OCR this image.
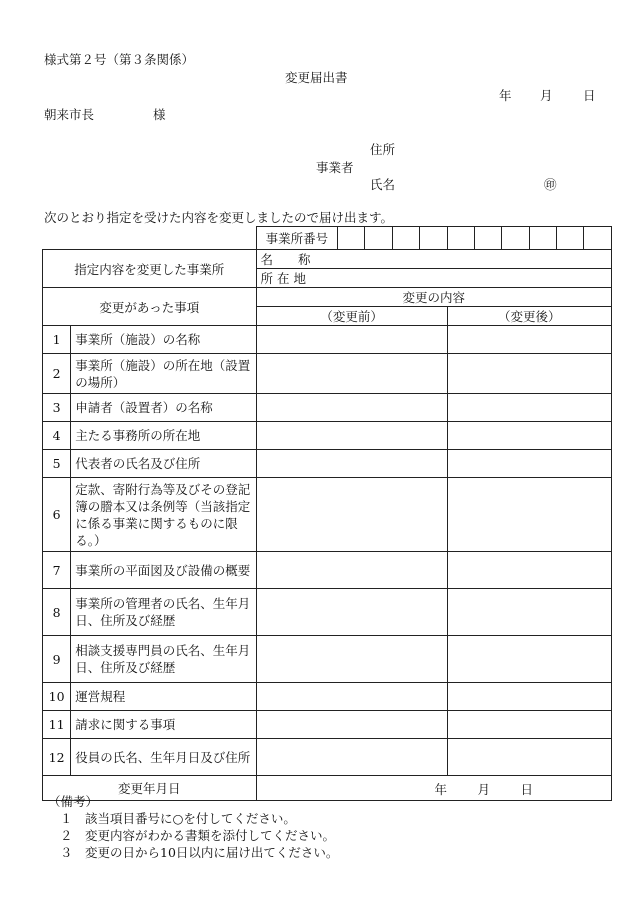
様式第２号（第３条関係）
変更届出書
年 月 日
朝来市長	様
住所
事業者
氏名	㊞
次のとおり指定を受けた内容を変更しましたので届け出ます。
		事業所番号										
指定内容を変更した事業所		名　　称										
		所 在 地										
変更があった事項		変更の内容										
		（変更前）					（変更後）					
1	事業所（施設）の名称											
2	事業所（施設）の所在地（設置の場所）											
3	申請者（設置者）の名称											
4	主たる事務所の所在地											
5	代表者の氏名及び住所											
6	定款、寄附行為等及びその登記簿の謄本又は条例等（当該指定に係る事業に関するものに限る。）											
7	事業所の平面図及び設備の概要											
8	事業所の管理者の氏名、生年月日、住所及び経歴											
9	相談支援専門員の氏名、生年月日、住所及び経歴											
10	運営規程											
11	請求に関する事項											
12	役員の氏名、生年月日及び住所											
変更年月日		年 月 日										
（備考）
１　該当項目番号に○を付してください。
２　変更内容がわかる書類を添付してください。
３　変更の日から10日以内に届け出てください。
